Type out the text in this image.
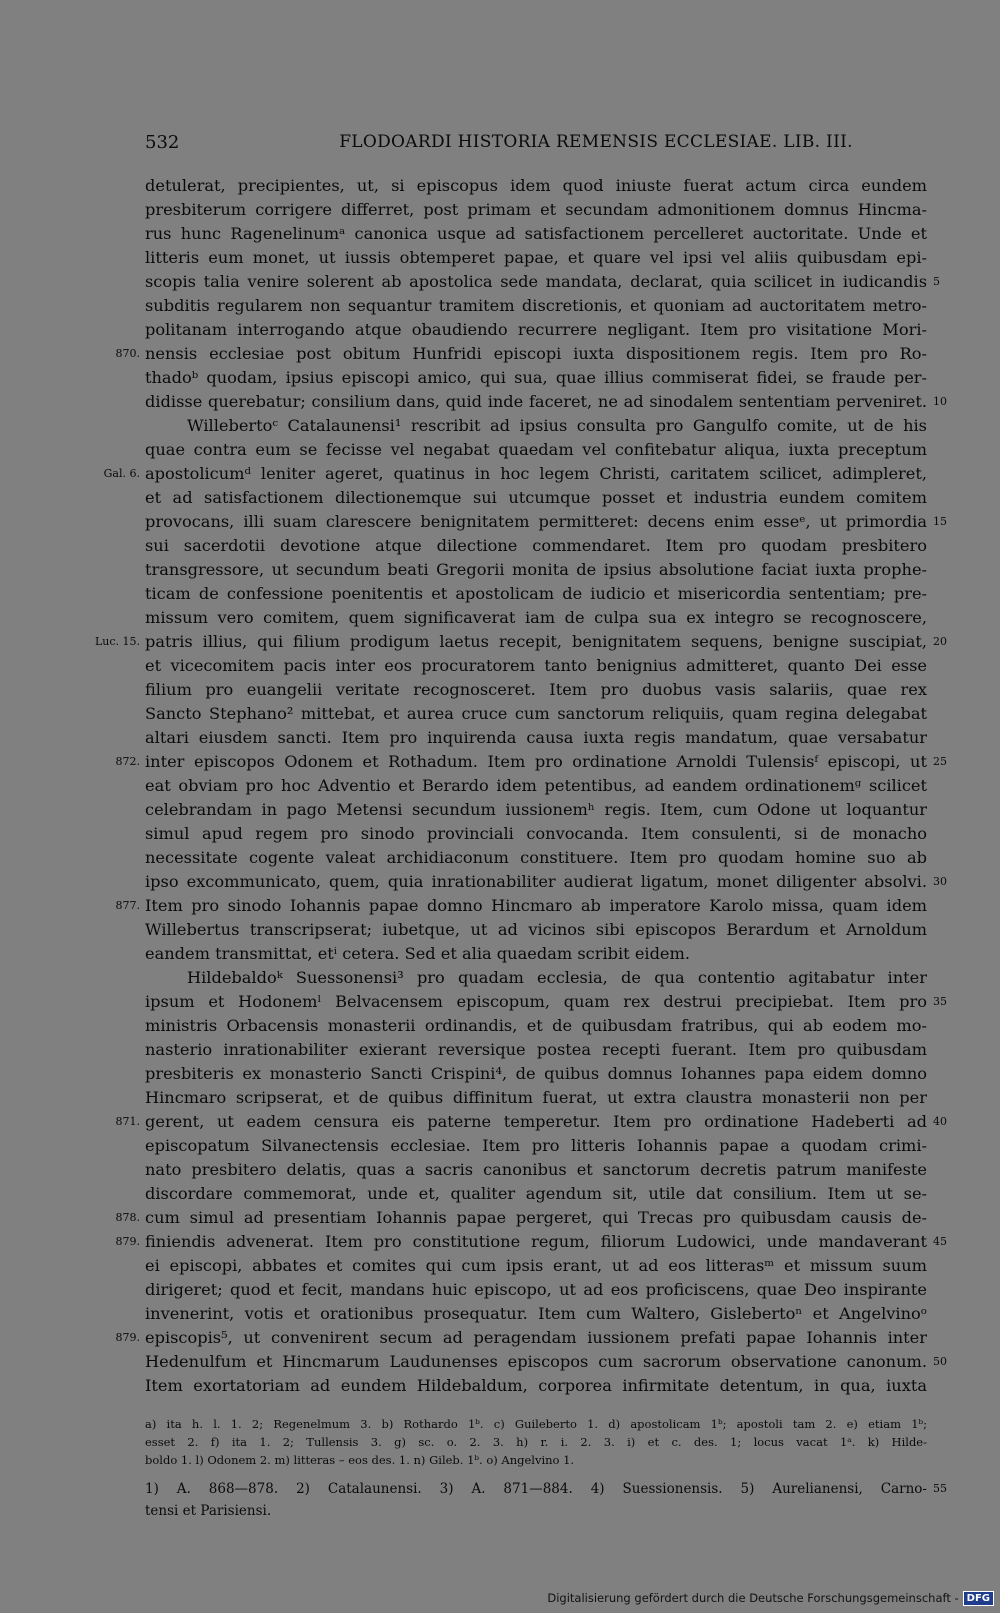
532	FLODOARDI HISTORIA REMENSIS ECCLESIAE. LIB. III.
detulerat, precipientes, ut, si episcopus idem quod iniuste fuerat actum circa eundem
presbiterum corrigere differret, post primam et secundam admonitionem domnus Hincma-
rus hunc Ragenelinumᵃ canonica usque ad satisfactionem percelleret auctoritate. Unde et
litteris eum monet, ut iussis obtemperet papae, et quare vel ipsi vel aliis quibusdam epi-
scopis talia venire solerent ab apostolica sede mandata, declarat, quia scilicet in iudicandis 5
subditis regularem non sequantur tramitem discretionis, et quoniam ad auctoritatem metro-
politanam interrogando atque obaudiendo recurrere negligant. Item pro visitatione Mori-
nensis ecclesiae post obitum Hunfridi episcopi iuxta dispositionem regis. Item pro Ro-
870.
thadoᵇ quodam, ipsius episcopi amico, qui sua, quae illius commiserat fidei, se fraude per-
didisse querebatur; consilium dans, quid inde faceret, ne ad sinodalem sententiam perveniret. 10
Willebertoᶜ Catalaunensi¹ rescribit ad ipsius consulta pro Gangulfo comite, ut de his
quae contra eum se fecisse vel negabat quaedam vel confitebatur aliqua, iuxta preceptum
apostolicumᵈ leniter ageret, quatinus in hoc legem Christi, caritatem scilicet, adimpleret,
Gal. 6.
et ad satisfactionem dilectionemque sui utcumque posset et industria eundem comitem
provocans, illi suam clarescere benignitatem permitteret: decens enim esseᵉ, ut primordia 15
sui sacerdotii devotione atque dilectione commendaret. Item pro quodam presbitero
transgressore, ut secundum beati Gregorii monita de ipsius absolutione faciat iuxta prophe-
ticam de confessione poenitentis et apostolicam de iudicio et misericordia sententiam; pre-
missum vero comitem, quem significaverat iam de culpa sua ex integro se recognoscere,
patris illius, qui filium prodigum laetus recepit, benignitatem sequens, benigne suscipiat,
Luc. 15.	20
et vicecomitem pacis inter eos procuratorem tanto benignius admitteret, quanto Dei esse
filium pro euangelii veritate recognosceret. Item pro duobus vasis salariis, quae rex
Sancto Stephano² mittebat, et aurea cruce cum sanctorum reliquiis, quam regina delegabat
altari eiusdem sancti. Item pro inquirenda causa iuxta regis mandatum, quae versabatur
inter episcopos Odonem et Rothadum. Item pro ordinatione Arnoldi Tulensisᶠ episcopi, ut
872.	25
eat obviam pro hoc Adventio et Berardo idem petentibus, ad eandem ordinationemᵍ scilicet
celebrandam in pago Metensi secundum iussionemʰ regis. Item, cum Odone ut loquantur
simul apud regem pro sinodo provinciali convocanda. Item consulenti, si de monacho
necessitate cogente valeat archidiaconum constituere. Item pro quodam homine suo ab
ipso excommunicato, quem, quia inrationabiliter audierat ligatum, monet diligenter absolvi. 30
Item pro sinodo Iohannis papae domno Hincmaro ab imperatore Karolo missa, quam idem
877.
Willebertus transcripserat; iubetque, ut ad vicinos sibi episcopos Berardum et Arnoldum
eandem transmittat, etⁱ cetera. Sed et alia quaedam scribit eidem.
Hildebaldoᵏ Suessonensi³ pro quadam ecclesia, de qua contentio agitabatur inter
ipsum et Hodonemˡ Belvacensem episcopum, quam rex destrui precipiebat. Item pro 35
ministris Orbacensis monasterii ordinandis, et de quibusdam fratribus, qui ab eodem mo-
nasterio inrationabiliter exierant reversique postea recepti fuerant. Item pro quibusdam
presbiteris ex monasterio Sancti Crispini⁴, de quibus domnus Iohannes papa eidem domno
Hincmaro scripserat, et de quibus diffinitum fuerat, ut extra claustra monasterii non per
gerent, ut eadem censura eis paterne temperetur. Item pro ordinatione Hadeberti ad
871.	40
episcopatum Silvanectensis ecclesiae. Item pro litteris Iohannis papae a quodam crimi-
nato presbitero delatis, quas a sacris canonibus et sanctorum decretis patrum manifeste
discordare commemorat, unde et, qualiter agendum sit, utile dat consilium. Item ut se-
cum simul ad presentiam Iohannis papae pergeret, qui Trecas pro quibusdam causis de-
878.
finiendis advenerat. Item pro constitutione regum, filiorum Ludowici, unde mandaverant
879.	45
ei episcopi, abbates et comites qui cum ipsis erant, ut ad eos litterasᵐ et missum suum
dirigeret; quod et fecit, mandans huic episcopo, ut ad eos proficiscens, quae Deo inspirante
invenerint, votis et orationibus prosequatur. Item cum Waltero, Gislebertoⁿ et Angelvinoᵒ
episcopis⁵, ut convenirent secum ad peragendam iussionem prefati papae Iohannis inter
879.
Hedenulfum et Hincmarum Laudunenses episcopos cum sacrorum observatione canonum. 50
Item exortatoriam ad eundem Hildebaldum, corporea infirmitate detentum, in qua, iuxta
a) ita h. l. 1. 2; Regenelmum 3. b) Rothardo 1ᵇ. c) Guileberto 1. d) apostolicam 1ᵇ; apostoli tam 2. e) etiam 1ᵇ;
esset 2. f) ita 1. 2; Tullensis 3. g) sc. o. 2. 3. h) r. i. 2. 3. i) et c. des. 1; locus vacat 1ᵃ. k) Hilde-
boldo 1. l) Odonem 2. m) litteras – eos des. 1. n) Gileb. 1ᵇ. o) Angelvino 1.
1) A. 868—878. 2) Catalaunensi. 3) A. 871—884. 4) Suessionensis. 5) Aurelianensi, Carno- 55
tensi et Parisiensi.
Digitalisierung gefördert durch die Deutsche Forschungsgemeinschaft - DFG
